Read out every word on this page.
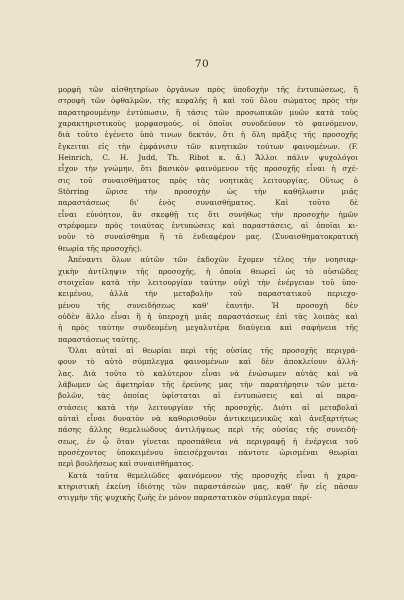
70
μορφὴ τῶν αἰσθητηρίων ὀργάνων πρὸς ὑποδοχὴν τῆς ἐντυπώσεως, ἢ
στροφὴ τῶν ὀφθαλμῶν, τῆς κεφαλῆς ἢ καὶ τοῦ ὅλου σώματος πρὸς τὴν
παρατηρουμένην ἐντύπωσιν, ἢ τάσις τῶν προσωπικῶν μυῶν κατὰ τοὺς
χαρακτηριστικοὺς μορφασμούς, οἱ ὁποῖοι συνοδεύουν τὸ φαινόμενον,
διὰ τοῦτο ἐγένετο ὑπὸ τινων δεκτόν, ὅτι ἡ ὅλη πρᾶξις τῆς προσοχῆς
ἔγκειται εἰς τὴν ἐμφάνισιν τῶν κινητικῶν τούτων φαινομένων. (F.
Heinrich, C. H. Judd, Th. Ribot κ. ἄ.) Ἄλλοι πάλιν ψυχολόγοι
εἶχον τὴν γνώμην, ὅτι βασικὸν φαινόμενον τῆς προσοχῆς εἶναι ἡ σχέ-
σις τοῦ συναισθήματος πρὸς τὰς νοητικὰς λειτουργίας. Οὕτως ὁ
Störring ὥρισε τὴν προσοχὴν ὡς τὴν καθήλωσιν μιᾶς
παραστάσεως δι' ἑνὸς συναισθήματος. Καὶ τοῦτο δὲ
εἶναι εὐνόητον, ἂν σκεφθῇ τις ὅτι συνήθως τὴν προσοχὴν ἡμῶν
στρέφομεν πρὸς τοιαύτας ἐντυπώσεις καὶ παραστάσεις, αἱ ὁποῖαι κι-
νοῦν τὸ συναίσθημα ἢ τὸ ἐνδιαφέρον μας. (Συναισθηματοκρατικὴ
θεωρία τῆς προσοχῆς).
Ἀπέναντι ὅλων αὐτῶν τῶν ἐκδοχῶν ἔχομεν τέλος τὴν νοησιαρ-
χικὴν ἀντίληψιν τῆς προσοχῆς, ἡ ὁποία θεωρεῖ ὡς τὸ οὐσιῶδες
στοιχεῖον κατὰ τὴν λειτουργίαν ταύτην οὐχὶ τὴν ἐνέργειαν τοῦ ὑπο-
κειμένου, ἀλλὰ τὴν μεταβολὴν τοῦ παραστατικοῦ περιεχο-
μένου τῆς συνειδήσεως καθ' ἑαυτήν. Ἡ προσοχὴ δὲν
οὐδὲν ἄλλο εἶναι ἢ ἡ ὑπεροχὴ μιᾶς παραστάσεως ἐπὶ τὰς λοιπὰς καὶ
ἡ πρὸς ταύτην συνδεομένη μεγαλυτέρα διαύγεια καὶ σαφήνεια τῆς
παραστάσεως ταύτης.
Ὅλαι αὐταὶ αἱ θεωρίαι περὶ τῆς οὐσίας τῆς προσοχῆς περιγρά-
φουν τὸ αὐτὸ σύμπλεγμα φαινομένων καὶ δὲν ἀποκλείουν ἀλλή-
λας. Διὰ τοῦτο τὸ καλύτερον εἶναι νὰ ἑνώσωμεν αὐτὰς καὶ νὰ
λάβωμεν ὡς ἀφετηρίαν τῆς ἐρεύνης μας τὴν παρατήρησιν τῶν μετα-
βολῶν, τὰς ὁποίας ὑφίσταται αἱ ἐντυπώσεις καὶ αἱ παρα-
στάσεις κατὰ τὴν λειτουργίαν τῆς προσοχῆς. Διότι αἱ μεταβολαὶ
αὐταὶ εἶναι δυνατὸν νὰ καθορισθοῦν ἀντικειμενικῶς καὶ ἀνεξαρτήτως
πάσης ἄλλης θεμελιώδους ἀντιλήψεως περὶ τῆς οὐσίας τῆς συνειδή-
σεως, ἐν ᾧ ὅταν γίνεται προσπάθεια νὰ περιγραφῇ ἡ ἐνέργεια τοῦ
προσέχοντος ὑποκειμένου ὑπεισέρχονται πάντοτε ὡρισμέναι θεωρίαι
περὶ βουλήσεως καὶ συναισθήματος.
Κατὰ ταῦτα θεμελιῶδες φαινόμενον τῆς προσοχῆς εἶναι ἡ χαρα-
κτηριστικὴ ἐκείνη ἰδιότης τῶν παραστάσεών μας, καθ' ἣν εἰς πᾶσαν
στιγμὴν τῆς ψυχικῆς ζωῆς ἐν μόνον παραστατικὸν σύμπλεγμα παρί-
